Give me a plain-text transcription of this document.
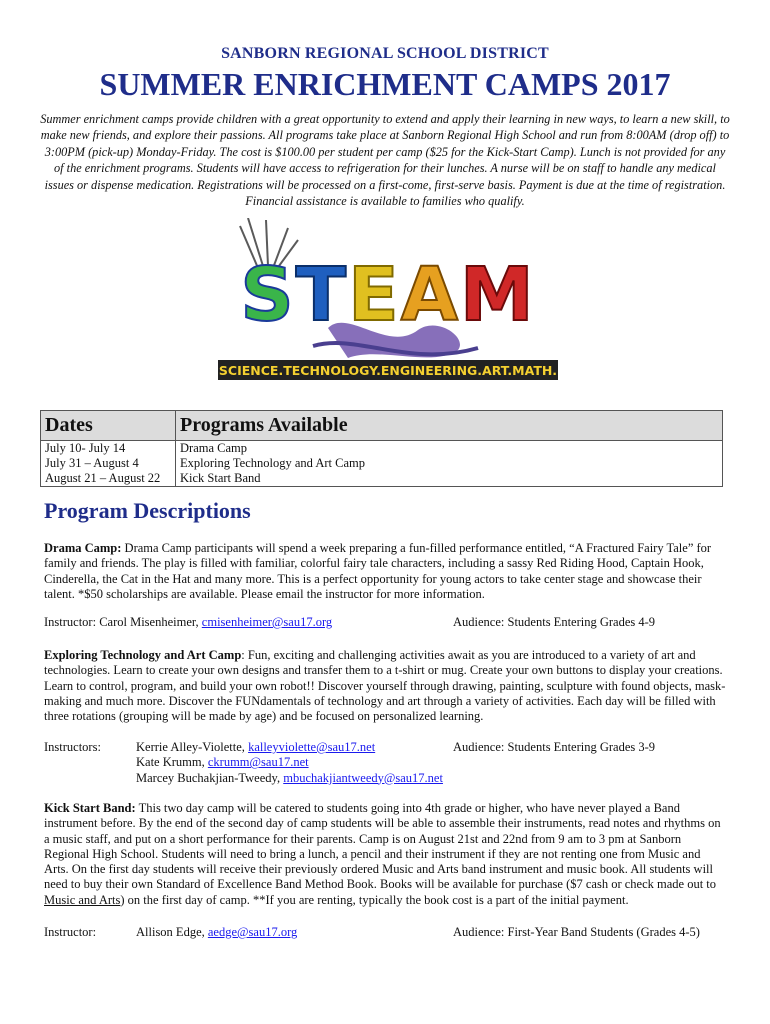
SANBORN REGIONAL SCHOOL DISTRICT
SUMMER ENRICHMENT CAMPS 2017
Summer enrichment camps provide children with a great opportunity to extend and apply their learning in new ways, to learn a new skill, to make new friends, and explore their passions. All programs take place at Sanborn Regional High School and run from 8:00AM (drop off) to 3:00PM (pick-up) Monday-Friday. The cost is $100.00 per student per camp ($25 for the Kick-Start Camp). Lunch is not provided for any of the enrichment programs. Students will have access to refrigeration for their lunches. A nurse will be on staff to handle any medical issues or dispense medication. Registrations will be processed on a first-come, first-serve basis. Payment is due at the time of registration. Financial assistance is available to families who qualify.
STEAM
SCIENCE.TECHNOLOGY.ENGINEERING.ART.MATH.
Dates	Programs Available
July 10- July 14	Drama Camp
July 31 – August 4	Exploring Technology and Art Camp
August 21 – August 22	Kick Start Band
Program Descriptions
Drama Camp: Drama Camp participants will spend a week preparing a fun-filled performance entitled, “A Fractured Fairy Tale” for family and friends. The play is filled with familiar, colorful fairy tale characters, including a sassy Red Riding Hood, Captain Hook, Cinderella, the Cat in the Hat and many more. This is a perfect opportunity for young actors to take center stage and showcase their talent. *$50 scholarships are available. Please email the instructor for more information.
Instructor: Carol Misenheimer, cmisenheimer@sau17.org	Audience: Students Entering Grades 4-9
Exploring Technology and Art Camp: Fun, exciting and challenging activities await as you are introduced to a variety of art and technologies. Learn to create your own designs and transfer them to a t-shirt or mug. Create your own buttons to display your creations. Learn to control, program, and build your own robot!! Discover yourself through drawing, painting, sculpture with found objects, mask-making and much more. Discover the FUNdamentals of technology and art through a variety of activities. Each day will be filled with three rotations (grouping will be made by age) and be focused on personalized learning.
Instructors:	Kerrie Alley-Violette, kalleyviolette@sau17.net
Kate Krumm, ckrumm@sau17.net
Marcey Buchakjian-Tweedy, mbuchakjiantweedy@sau17.net
Audience: Students Entering Grades 3-9
Kick Start Band: This two day camp will be catered to students going into 4th grade or higher, who have never played a Band instrument before. By the end of the second day of camp students will be able to assemble their instruments, read notes and rhythms on a music staff, and put on a short performance for their parents. Camp is on August 21st and 22nd from 9 am to 3 pm at Sanborn Regional High School. Students will need to bring a lunch, a pencil and their instrument if they are not renting one from Music and Arts. On the first day students will receive their previously ordered Music and Arts band instrument and music book. All students will need to buy their own Standard of Excellence Band Method Book. Books will be available for purchase ($7 cash or check made out to Music and Arts) on the first day of camp. **If you are renting, typically the book cost is a part of the initial payment.
Instructor:	Allison Edge, aedge@sau17.org	Audience: First-Year Band Students (Grades 4-5)
